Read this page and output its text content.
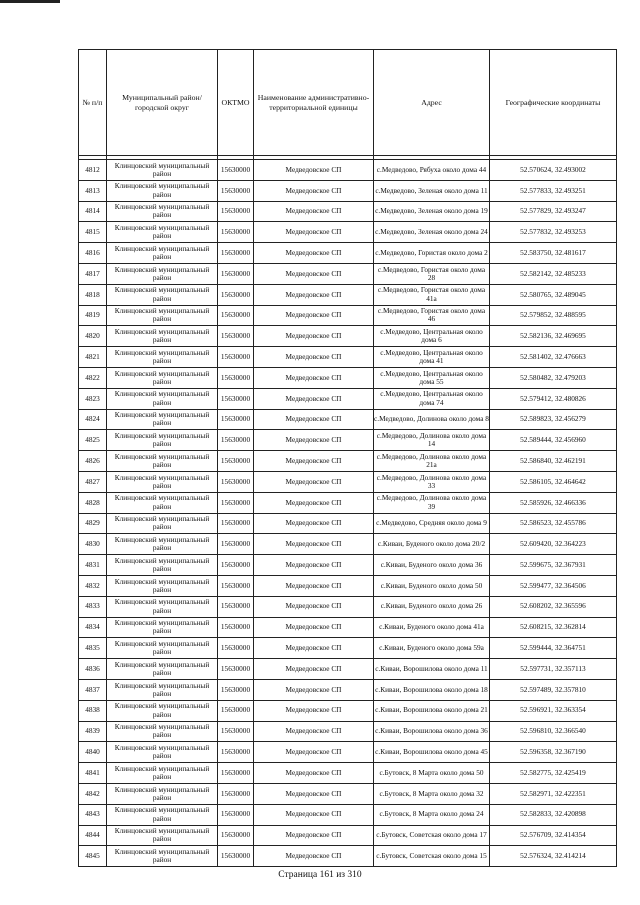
№ п/п	Муниципальный район/городской округ	ОКТМО	Наименование административно-территориальной единицы	Адрес	Географические координаты

4812	Клинцовский муниципальный район	15630000	Медведовское СП	с.Медведово, Рябуха около дома 44	52.570624, 32.493002
4813	Клинцовский муниципальный район	15630000	Медведовское СП	с.Медведово, Зеленая около дома 11	52.577833, 32.493251
4814	Клинцовский муниципальный район	15630000	Медведовское СП	с.Медведово, Зеленая около дома 19	52.577829, 32.493247
4815	Клинцовский муниципальный район	15630000	Медведовское СП	с.Медведово, Зеленая около дома 24	52.577832, 32.493253
4816	Клинцовский муниципальный район	15630000	Медведовское СП	с.Медведово, Гористая около дома 2	52.583750, 32.481617
4817	Клинцовский муниципальный район	15630000	Медведовское СП	с.Медведово, Гористая около дома 28	52.582142, 32.485233
4818	Клинцовский муниципальный район	15630000	Медведовское СП	с.Медведово, Гористая около дома 41а	52.580765, 32.489045
4819	Клинцовский муниципальный район	15630000	Медведовское СП	с.Медведово, Гористая около дома 46	52.579852, 32.488595
4820	Клинцовский муниципальный район	15630000	Медведовское СП	с.Медведово, Центральная около дома 6	52.582136, 32.469695
4821	Клинцовский муниципальный район	15630000	Медведовское СП	с.Медведово, Центральная около дома 41	52.581402, 32.476663
4822	Клинцовский муниципальный район	15630000	Медведовское СП	с.Медведово, Центральная около дома 55	52.580482, 32.479203
4823	Клинцовский муниципальный район	15630000	Медведовское СП	с.Медведово, Центральная около дома 74	52.579412, 32.480826
4824	Клинцовский муниципальный район	15630000	Медведовское СП	с.Медведово, Долинова около дома 8	52.589823, 32.456279
4825	Клинцовский муниципальный район	15630000	Медведовское СП	с.Медведово, Долинова около дома 14	52.589444, 32.456960
4826	Клинцовский муниципальный район	15630000	Медведовское СП	с.Медведово, Долинова около дома 21а	52.586840, 32.462191
4827	Клинцовский муниципальный район	15630000	Медведовское СП	с.Медведово, Долинова около дома 33	52.586105, 32.464642
4828	Клинцовский муниципальный район	15630000	Медведовское СП	с.Медведово, Долинова около дома 39	52.585926, 32.466336
4829	Клинцовский муниципальный район	15630000	Медведовское СП	с.Медведово, Средняя около дома 9	52.586523, 32.455786
4830	Клинцовский муниципальный район	15630000	Медведовское СП	с.Киваи, Буденого около дома 20/2	52.609420, 32.364223
4831	Клинцовский муниципальный район	15630000	Медведовское СП	с.Киваи, Буденого около дома 36	52.599675, 32.367931
4832	Клинцовский муниципальный район	15630000	Медведовское СП	с.Киваи, Буденого около дома 50	52.599477, 32.364506
4833	Клинцовский муниципальный район	15630000	Медведовское СП	с.Киваи, Буденого около дома 26	52.608202, 32.365596
4834	Клинцовский муниципальный район	15630000	Медведовское СП	с.Киваи, Буденого около дома 41а	52.608215, 32.362814
4835	Клинцовский муниципальный район	15630000	Медведовское СП	с.Киваи, Буденого около дома 59а	52.599444, 32.364751
4836	Клинцовский муниципальный район	15630000	Медведовское СП	с.Киваи, Ворошилова около дома 11	52.597731, 32.357113
4837	Клинцовский муниципальный район	15630000	Медведовское СП	с.Киваи, Ворошилова около дома 18	52.597489, 32.357810
4838	Клинцовский муниципальный район	15630000	Медведовское СП	с.Киваи, Ворошилова около дома 21	52.596921, 32.363354
4839	Клинцовский муниципальный район	15630000	Медведовское СП	с.Киваи, Ворошилова около дома 36	52.596810, 32.366540
4840	Клинцовский муниципальный район	15630000	Медведовское СП	с.Киваи, Ворошилова около дома 45	52.596358, 32.367190
4841	Клинцовский муниципальный район	15630000	Медведовское СП	с.Бутовск, 8 Марта около дома 50	52.582775, 32.425419
4842	Клинцовский муниципальный район	15630000	Медведовское СП	с.Бутовск, 8 Марта около дома 32	52.582971, 32.422351
4843	Клинцовский муниципальный район	15630000	Медведовское СП	с.Бутовск, 8 Марта около дома 24	52.582833, 32.420898
4844	Клинцовский муниципальный район	15630000	Медведовское СП	с.Бутовск, Советская около дома 17	52.576709, 32.414354
4845	Клинцовский муниципальный район	15630000	Медведовское СП	с.Бутовск, Советская около дома 15	52.576324, 32.414214
Страница 161 из 310
